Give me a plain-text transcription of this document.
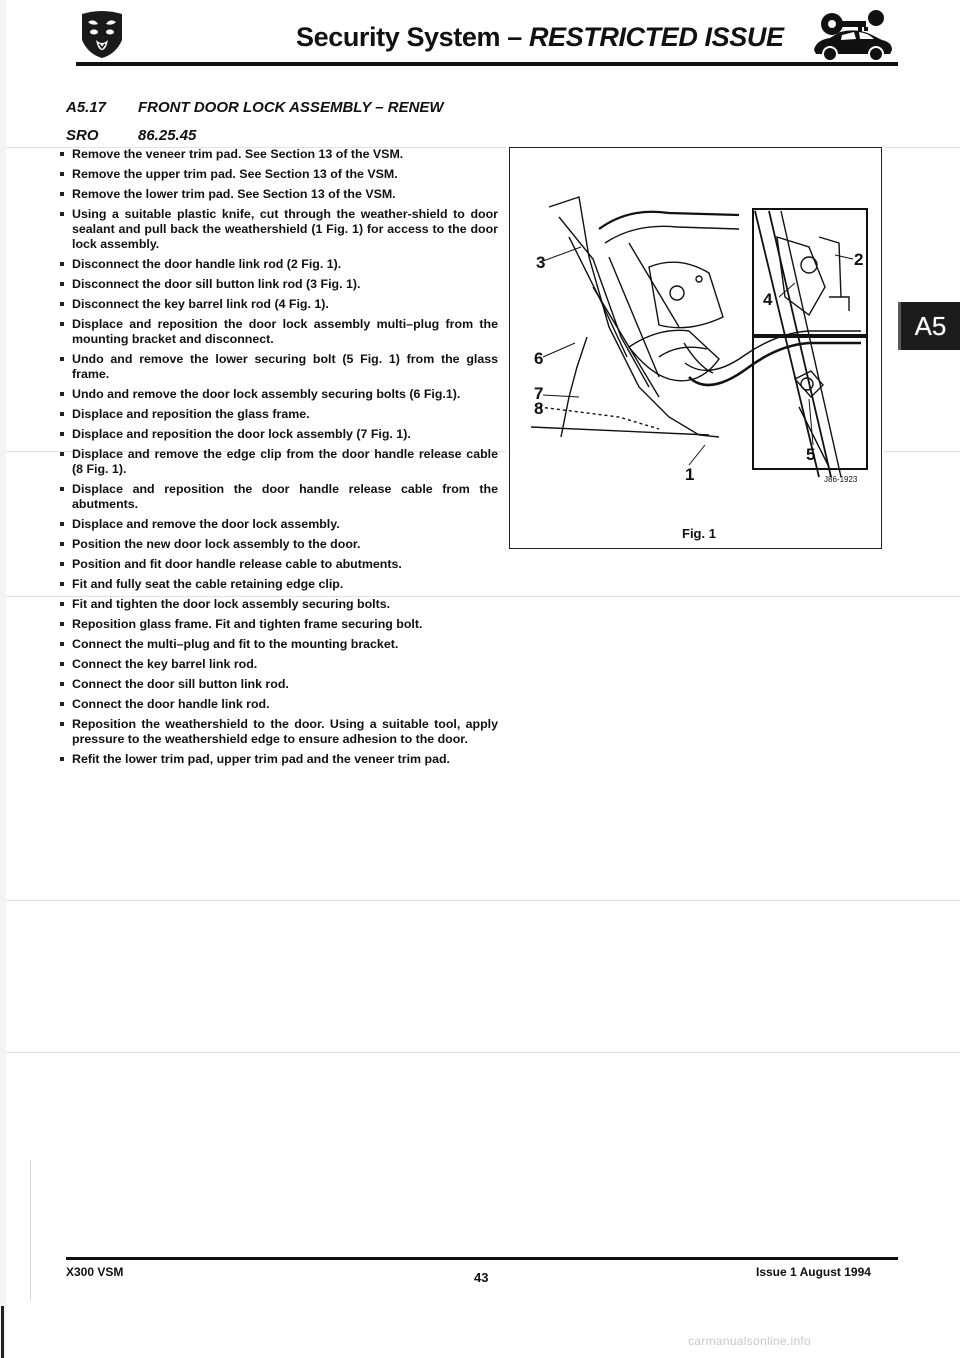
Security System – RESTRICTED ISSUE
A5.17 FRONT DOOR LOCK ASSEMBLY – RENEW
SRO	86.25.45
Remove the veneer trim pad. See Section 13 of the VSM.
Remove the upper trim pad. See Section 13 of the VSM.
Remove the lower trim pad. See Section 13 of the VSM.
Using a suitable plastic knife, cut through the weather-shield to door sealant and pull back the weathershield (1 Fig. 1) for access to the door lock assembly.
Disconnect the door handle link rod (2 Fig. 1).
Disconnect the door sill button link rod (3 Fig. 1).
Disconnect the key barrel link rod (4 Fig. 1).
Displace and reposition the door lock assembly multi–plug from the mounting bracket and disconnect.
Undo and remove the lower securing bolt (5 Fig. 1) from the glass frame.
Undo and remove the door lock assembly securing bolts (6 Fig.1).
Displace and reposition the glass frame.
Displace and reposition the door lock assembly (7 Fig. 1).
Displace and remove the edge clip from the door handle release cable (8 Fig. 1).
Displace and reposition the door handle release cable from the abutments.
Displace and remove the door lock assembly.
Position the new door lock assembly to the door.
Position and fit door handle release cable to abutments.
Fit and fully seat the cable retaining edge clip.
Fit and tighten the door lock assembly securing bolts.
Reposition glass frame. Fit and tighten frame securing bolt.
Connect the multi–plug and fit to the mounting bracket.
Connect the key barrel link rod.
Connect the door sill button link rod.
Connect the door handle link rod.
Reposition the weathershield to the door. Using a suitable tool, apply pressure to the weathershield edge to ensure adhesion to the door.
Refit the lower trim pad, upper trim pad and the veneer trim pad.
1
2
3
4
5
6
7
8
J86-1923
Fig. 1
A5
X300 VSM	43	Issue 1 August 1994
carmanualsonline.info
